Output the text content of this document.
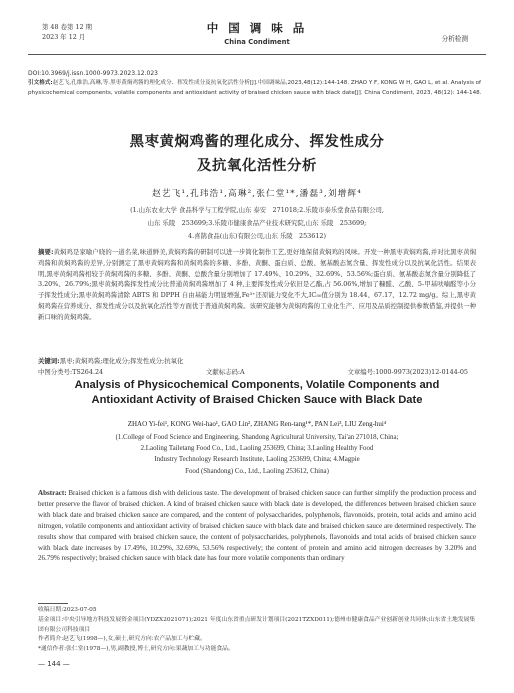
第 48 卷第 12 期
2023 年 12 月
中 国 调 味 品
China Condiment	分析检测
DOI:10.3969/j.issn.1000-9973.2023.12.023
引文格式:赵艺飞,孔维浩,高琳,等.黑枣黄焖鸡酱的理化成分、挥发性成分及抗氧化活性分析[J].中国调味品,2023,48(12):144-148. ZHAO Y F, KONG W H, GAO L, et al. Analysis of physicochemical components, volatile components and antioxidant activity of braised chicken sauce with black date[J]. China Condiment, 2023, 48(12): 144-148.
黑枣黄焖鸡酱的理化成分、挥发性成分
及抗氧化活性分析
赵艺飞¹,孔玮浩¹,高琳²,张仁堂¹*,潘磊³,刘增辉⁴
(1.山东农业大学 食品科学与工程学院,山东 泰安　271018;2.乐陵市泰乐堂食品有限公司,
山东 乐陵　253699;3.乐陵市健康食品产业技术研究院,山东 乐陵　253699;
4.喜鹊食品(山东)有限公司,山东 乐陵　253612)
摘要:黄焖鸡是家喻户晓的一道名菜,味道鲜美,黄焖鸡酱的研制可以进一步简化制作工艺,更好地保留黄焖鸡的风味。开发一种黑枣黄焖鸡酱,并对比黑枣黄焖鸡酱和黄焖鸡酱的差异,分别测定了黑枣黄焖鸡酱和黄焖鸡酱的多糖、多酚、黄酮、蛋白质、总酸、氨基酸态氮含量、挥发性成分以及抗氧化活性。结果表明,黑枣黄焖鸡酱相较于黄焖鸡酱的多糖、多酚、黄酮、总酸含量分别增加了 17.49%、10.29%、32.69%、53.56%;蛋白质、氨基酸态氮含量分别降低了 3.20%、26.79%;黑枣黄焖鸡酱挥发性成分比普通黄焖鸡酱增加了 4 种,主要挥发性成分依旧是乙酯,占 56.06%,增加了糠醛、乙酸、5-甲基呋喃醛等小分子挥发性成分;黑枣黄焖鸡酱清除 ABTS 和 DPPH 自由基能力明显增强,Fe³⁺还原能力变化不大,IC₅₀值分别为 18.44、67.17、12.72 mg/g。综上,黑枣黄焖鸡酱在营养成分、挥发性成分以及抗氧化活性等方面优于普通黄焖鸡酱。该研究能够为黄焖鸡酱的工业化生产、应用及品质控制提供参数借鉴,并提供一种新口味的黄焖鸡酱。
关键词:黑枣;黄焖鸡酱;理化成分;挥发性成分;抗氧化
中图分类号:TS264.24	文献标志码:A	文章编号:1000-9973(2023)12-0144-05
Analysis of Physicochemical Components, Volatile Components and
Antioxidant Activity of Braised Chicken Sauce with Black Date
ZHAO Yi-fei¹, KONG Wei-hao¹, GAO Lin², ZHANG Ren-tang¹*, PAN Lei³, LIU Zeng-hui⁴
(1.College of Food Science and Engineering, Shandong Agricultural University, Tai'an 271018, China;
2.Laoling Tailetang Food Co., Ltd., Laoling 253699, China; 3.Laoling Healthy Food
Industry Technology Research Institute, Laoling 253699, China; 4.Magpie
Food (Shandong) Co., Ltd., Laoling 253612, China)
Abstract: Braised chicken is a famous dish with delicious taste. The development of braised chicken sauce can further simplify the production process and better preserve the flavor of braised chicken. A kind of braised chicken sauce with black date is developed, the differences between braised chicken sauce with black date and braised chicken sauce are compared, and the content of polysaccharides, polyphenols, flavonoids, protein, total acids and amino acid nitrogen, volatile components and antioxidant activity of braised chicken sauce with black date and braised chicken sauce are determined respectively. The results show that compared with braised chicken sauce, the content of polysaccharides, polyphenols, flavonoids and total acids of braised chicken sauce with black date increases by 17.49%, 10.29%, 32.69%, 53.56% respectively; the content of protein and amino acid nitrogen decreases by 3.20% and 26.79% respectively; braised chicken sauce with black date has four more volatile components than ordinary
收稿日期:2023-07-05
基金项目:中央引导地方科技发展资金项目(YDZX2021071);2021 年度山东省重点研发计划项目(2021TZXD011);德州市健康食品产业创新创业共同体;山东省土地发展集团有限公司科技项目
作者简介:赵艺飞(1998—),女,硕士,研究方向:农产品加工与贮藏。
*通信作者:张仁堂(1978—),男,副教授,博士,研究方向:果蔬加工与功能食品。
— 144 —
